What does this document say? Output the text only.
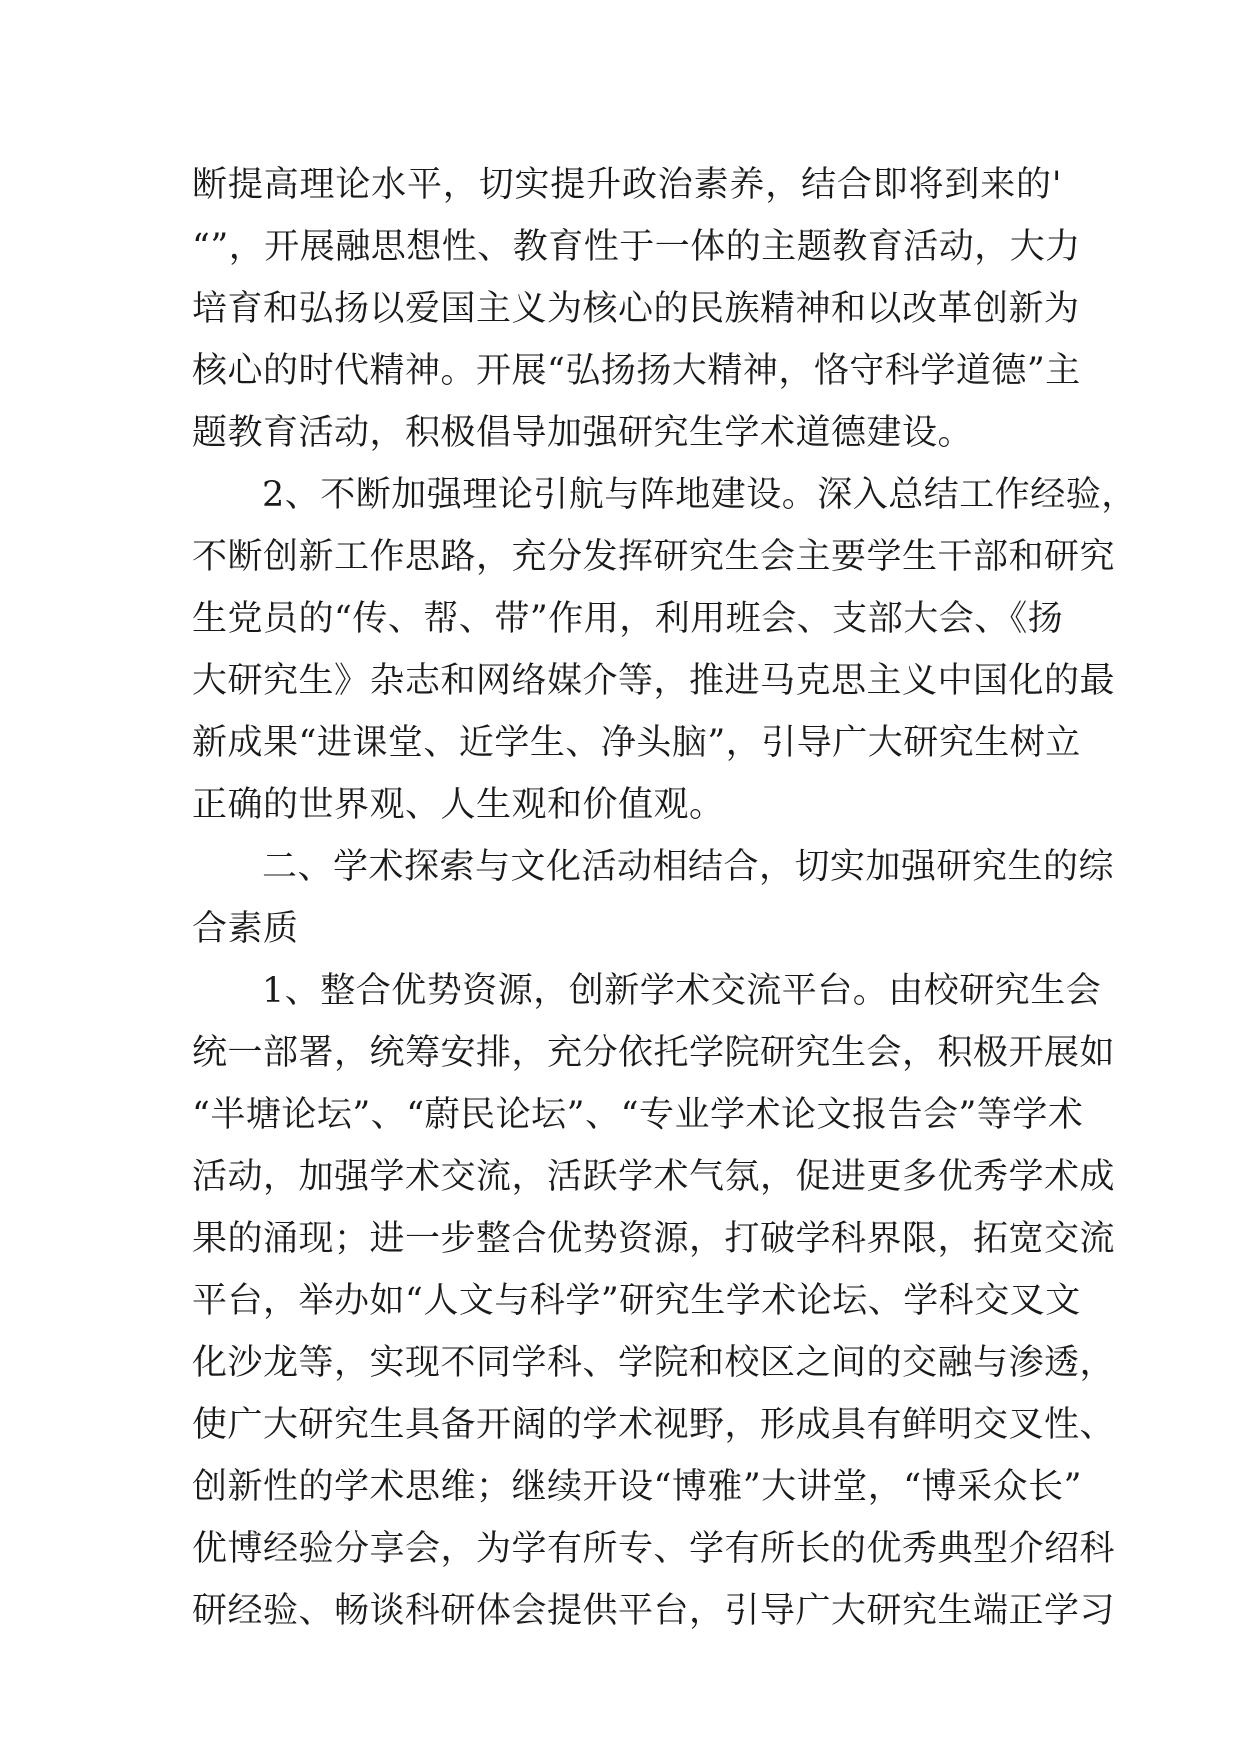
断提高理论水平，切实提升政治素养，结合即将到来的'
“”，开展融思想性、教育性于一体的主题教育活动，大力
培育和弘扬以爱国主义为核心的民族精神和以改革创新为
核心的时代精神。开展“弘扬扬大精神，恪守科学道德”主
题教育活动，积极倡导加强研究生学术道德建设。
2、不断加强理论引航与阵地建设。深入总结工作经验，
不断创新工作思路，充分发挥研究生会主要学生干部和研究
生党员的“传、帮、带”作用，利用班会、支部大会、《扬
大研究生》杂志和网络媒介等，推进马克思主义中国化的最
新成果“进课堂、近学生、净头脑”，引导广大研究生树立
正确的世界观、人生观和价值观。
二、学术探索与文化活动相结合，切实加强研究生的综
合素质
1、整合优势资源，创新学术交流平台。由校研究生会
统一部署，统筹安排，充分依托学院研究生会，积极开展如
“半塘论坛”、“蔚民论坛”、“专业学术论文报告会”等学术
活动，加强学术交流，活跃学术气氛，促进更多优秀学术成
果的涌现；进一步整合优势资源，打破学科界限，拓宽交流
平台，举办如“人文与科学”研究生学术论坛、学科交叉文
化沙龙等，实现不同学科、学院和校区之间的交融与渗透，
使广大研究生具备开阔的学术视野，形成具有鲜明交叉性、
创新性的学术思维；继续开设“博雅”大讲堂，“博采众长”
优博经验分享会，为学有所专、学有所长的优秀典型介绍科
研经验、畅谈科研体会提供平台，引导广大研究生端正学习
